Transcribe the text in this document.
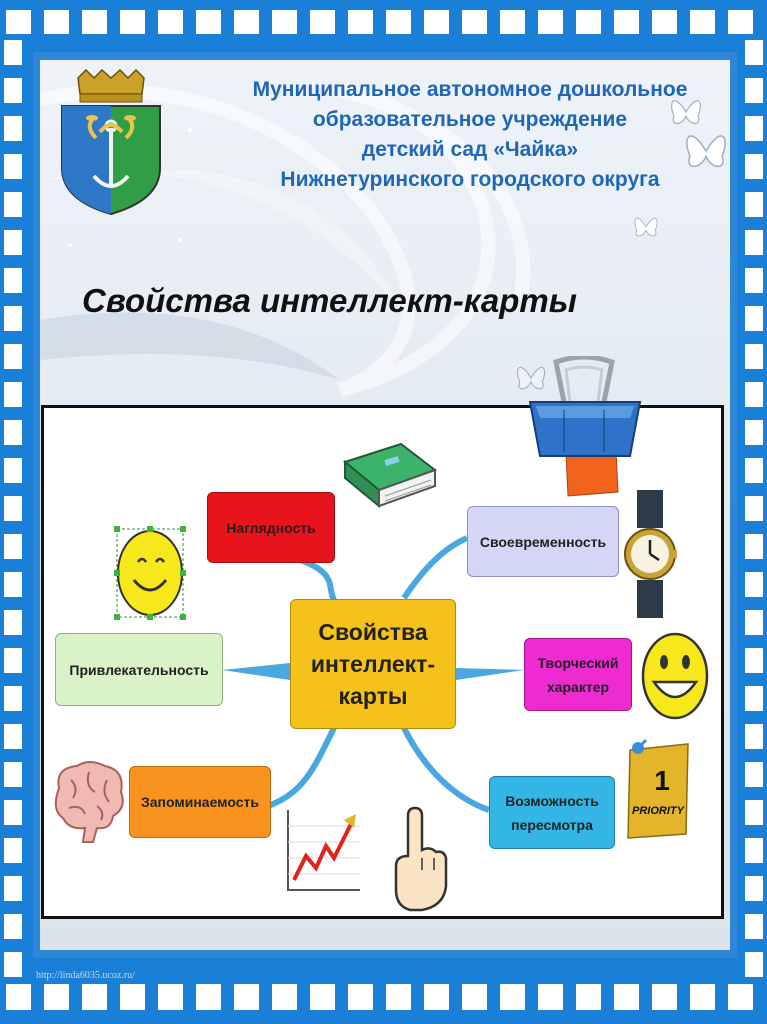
Муниципальное автономное дошкольное
образовательное учреждение
детский сад «Чайка»
Нижнетуринского городского округа
Свойства интеллект-карты
1
PRIORITY
Наглядность
Привлекательность
Запоминаемость
Своевременность
Творческий
характер
Возможность
пересмотра
Свойства
интеллект-
карты
http://linda6035.ucoz.ru/
